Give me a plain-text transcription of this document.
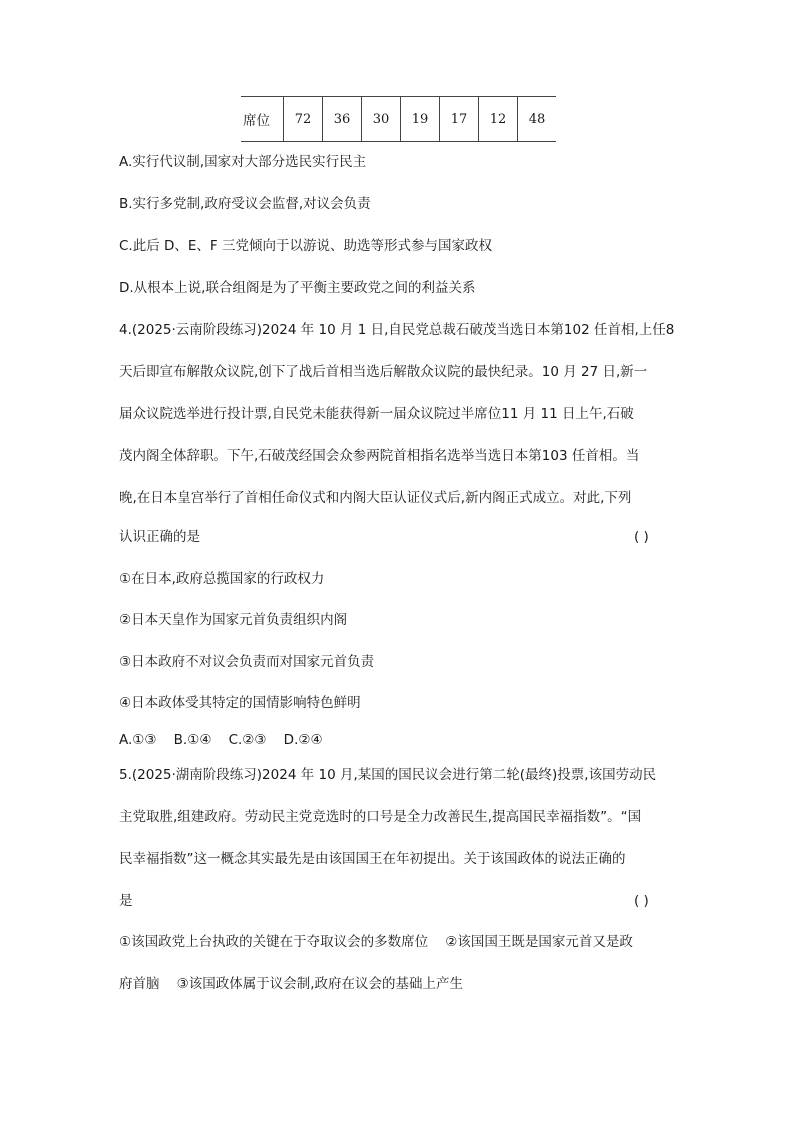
席位	72	36	30	19	17	12	48
A.实行代议制,国家对大部分选民实行民主
B.实行多党制,政府受议会监督,对议会负责
C.此后 D、E、F 三党倾向于以游说、助选等形式参与国家政权
D.从根本上说,联合组阁是为了平衡主要政党之间的利益关系
4.(2025·云南阶段练习)2024 年 10 月 1 日,自民党总裁石破茂当选日本第102 任首相,上任8
天后即宣布解散众议院,创下了战后首相当选后解散众议院的最快纪录。10 月 27 日,新一
届众议院选举进行投计票,自民党未能获得新一届众议院过半席位11 月 11 日上午,石破
茂内阁全体辞职。下午,石破茂经国会众参两院首相指名选举当选日本第103 任首相。当
晚,在日本皇宫举行了首相任命仪式和内阁大臣认证仪式后,新内阁正式成立。对此,下列
认识正确的是	( )
①在日本,政府总揽国家的行政权力
②日本天皇作为国家元首负责组织内阁
③日本政府不对议会负责而对国家元首负责
④日本政体受其特定的国情影响特色鲜明
A.①③    B.①④    C.②③    D.②④
5.(2025·湖南阶段练习)2024 年 10 月,某国的国民议会进行第二轮(最终)投票,该国劳动民
主党取胜,组建政府。劳动民主党竞选时的口号是全力改善民生,提高国民幸福指数”。“国
民幸福指数”这一概念其实最先是由该国国王在年初提出。关于该国政体的说法正确的
是	( )
①该国政党上台执政的关键在于夺取议会的多数席位    ②该国国王既是国家元首又是政
府首脑    ③该国政体属于议会制,政府在议会的基础上产生
